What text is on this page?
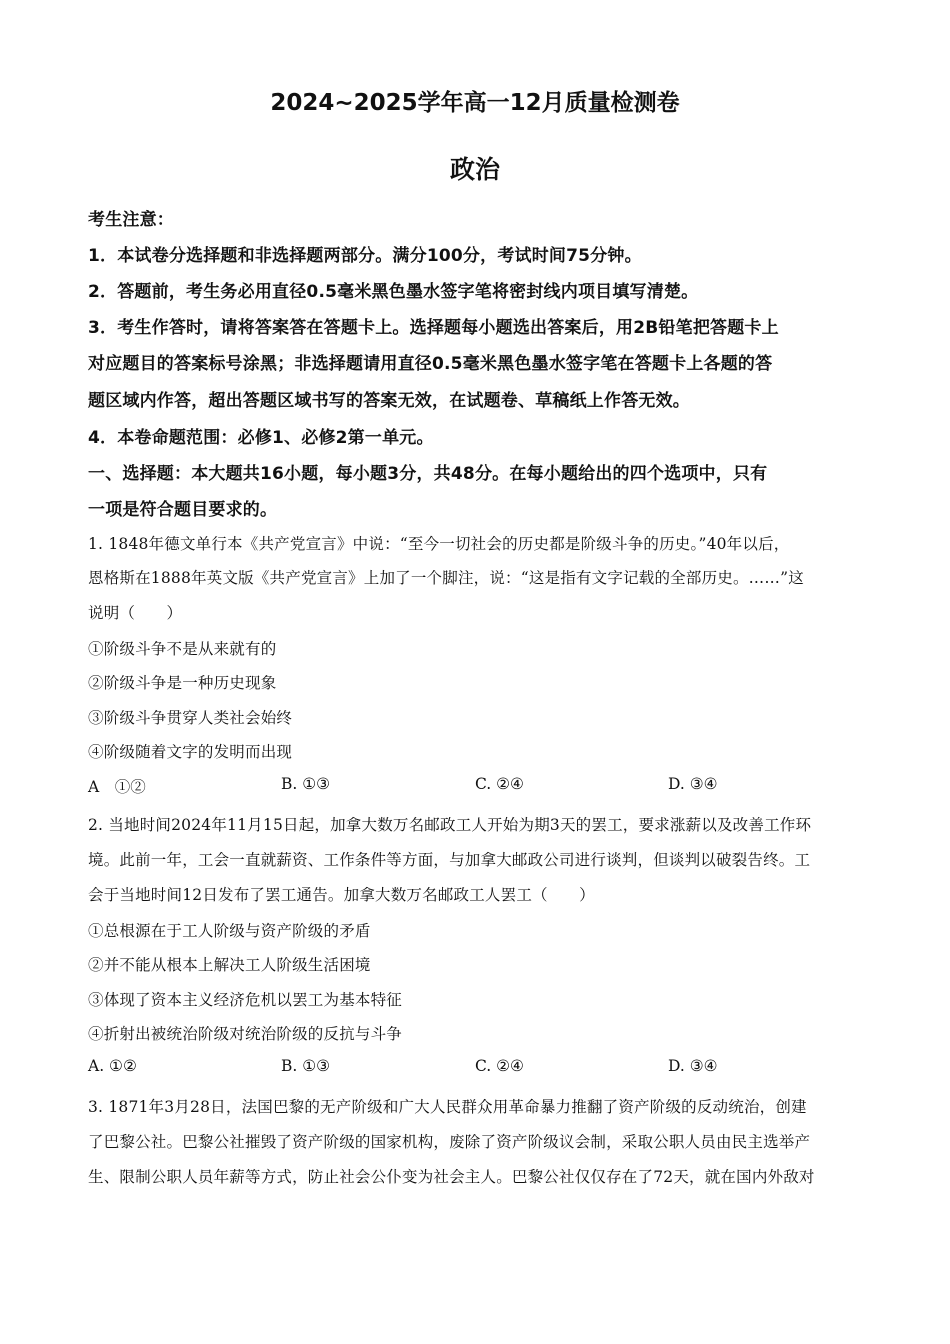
2024~2025学年高一12月质量检测卷
政治

考生注意：

1．本试卷分选择题和非选择题两部分。满分100分，考试时间75分钟。

2．答题前，考生务必用直径0.5毫米黑色墨水签字笔将密封线内项目填写清楚。

3．考生作答时，请将答案答在答题卡上。选择题每小题选出答案后，用2B铅笔把答题卡上

对应题目的答案标号涂黑；非选择题请用直径0.5毫米黑色墨水签字笔在答题卡上各题的答

题区域内作答，超出答题区域书写的答案无效，在试题卷、草稿纸上作答无效。

4．本卷命题范围：必修1、必修2第一单元。

一、选择题：本大题共16小题，每小题3分，共48分。在每小题给出的四个选项中，只有

一项是符合题目要求的。

1. 1848年德文单行本《共产党宣言》中说：“至今一切社会的历史都是阶级斗争的历史。”40年以后，

恩格斯在1888年英文版《共产党宣言》上加了一个脚注，说：“这是指有文字记载的全部历史。……”这

说明（　　）

①阶级斗争不是从来就有的

②阶级斗争是一种历史现象

③阶级斗争贯穿人类社会始终

④阶级随着文字的发明而出现

A　①②	B. ①③	C. ②④	D. ③④

2. 当地时间2024年11月15日起，加拿大数万名邮政工人开始为期3天的罢工，要求涨薪以及改善工作环

境。此前一年，工会一直就薪资、工作条件等方面，与加拿大邮政公司进行谈判，但谈判以破裂告终。工

会于当地时间12日发布了罢工通告。加拿大数万名邮政工人罢工（　　）

①总根源在于工人阶级与资产阶级的矛盾

②并不能从根本上解决工人阶级生活困境

③体现了资本主义经济危机以罢工为基本特征

④折射出被统治阶级对统治阶级的反抗与斗争

A. ①②	B. ①③	C. ②④	D. ③④

3. 1871年3月28日，法国巴黎的无产阶级和广大人民群众用革命暴力推翻了资产阶级的反动统治，创建

了巴黎公社。巴黎公社摧毁了资产阶级的国家机构，废除了资产阶级议会制，采取公职人员由民主选举产

生、限制公职人员年薪等方式，防止社会公仆变为社会主人。巴黎公社仅仅存在了72天，就在国内外敌对
